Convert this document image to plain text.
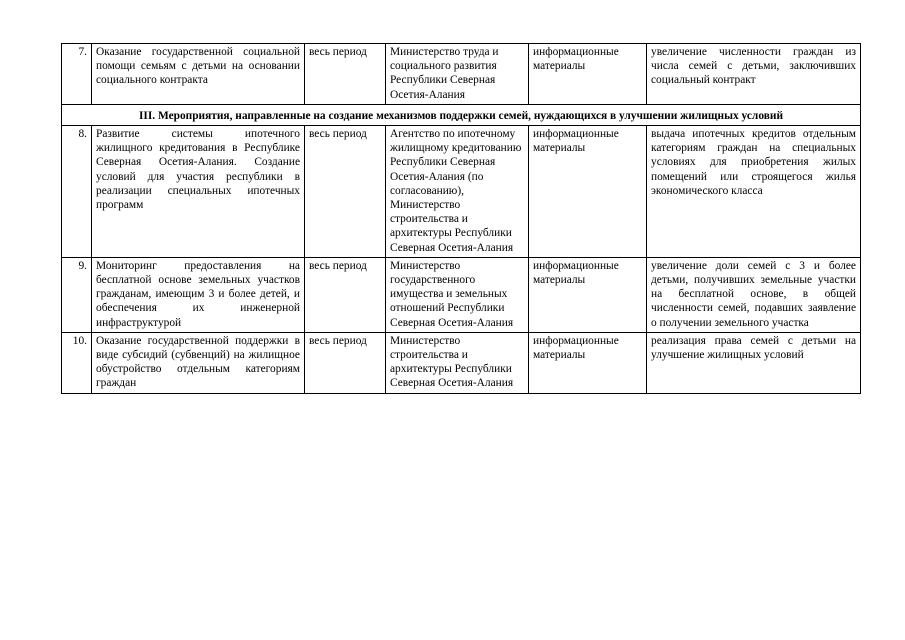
7.	Оказание государственной социальной помощи семьям с детьми на основании социального контракта	весь период	Министерство труда и социального развития Республики Северная Осетия-Алания	информационные материалы	увеличение численности граждан из числа семей с детьми, заключивших социальный контракт
III. Мероприятия, направленные на создание механизмов поддержки семей, нуждающихся в улучшении жилищных условий					
8.	Развитие системы ипотечного жилищного кредитования в Республике Северная Осетия-Алания. Создание условий для участия республики в реализации специальных ипотечных программ	весь период	Агентство по ипотечному жилищному кредитованию Республики Северная Осетия-Алания (по согласованию), Министерство строительства и архитектуры Республики Северная Осетия-Алания	информационные материалы	выдача ипотечных кредитов отдельным категориям граждан на специальных условиях для приобретения жилых помещений или строящегося жилья экономического класса
9.	Мониторинг предоставления на бесплатной основе земельных участков гражданам, имеющим 3 и более детей, и обеспечения их инженерной инфраструктурой	весь период	Министерство государственного имущества и земельных отношений Республики Северная Осетия-Алания	информационные материалы	увеличение доли семей с 3 и более детьми, получивших земельные участки на бесплатной основе, в общей численности семей, подавших заявление о получении земельного участка
10.	Оказание государственной поддержки в виде субсидий (субвенций) на жилищное обустройство отдельным категориям граждан	весь период	Министерство строительства и архитектуры Республики Северная Осетия-Алания	информационные материалы	реализация права семей с детьми на улучшение жилищных условий
